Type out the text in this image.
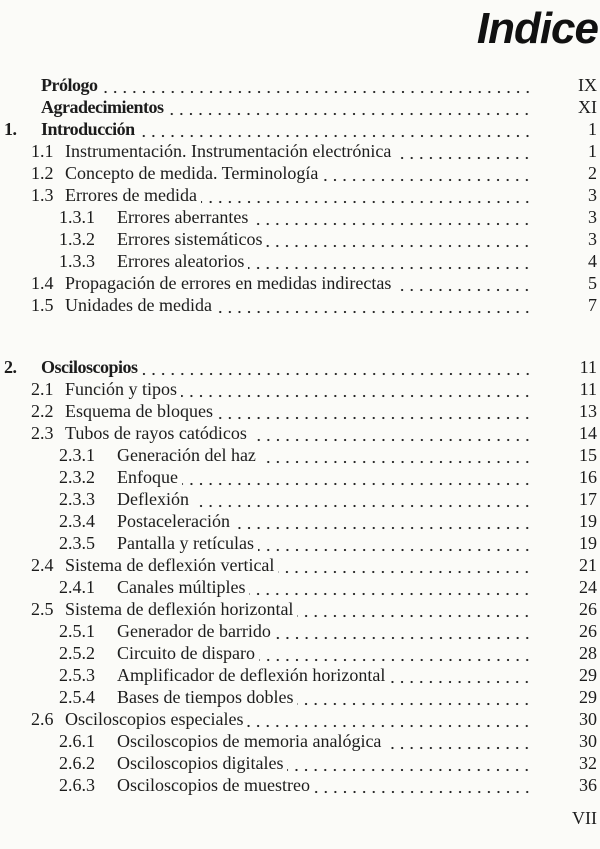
Indice
Prólogo	IX
Agradecimientos	XI
1. Introducción	1
1.1 Instrumentación. Instrumentación electrónica	1
1.2 Concepto de medida. Terminología	2
1.3 Errores de medida	3
1.3.1 Errores aberrantes	3
1.3.2 Errores sistemáticos	3
1.3.3 Errores aleatorios	4
1.4 Propagación de errores en medidas indirectas	5
1.5 Unidades de medida	7
2. Osciloscopios	11
2.1 Función y tipos	11
2.2 Esquema de bloques	13
2.3 Tubos de rayos catódicos	14
2.3.1 Generación del haz	15
2.3.2 Enfoque	16
2.3.3 Deflexión	17
2.3.4 Postaceleración	19
2.3.5 Pantalla y retículas	19
2.4 Sistema de deflexión vertical	21
2.4.1 Canales múltiples	24
2.5 Sistema de deflexión horizontal	26
2.5.1 Generador de barrido	26
2.5.2 Circuito de disparo	28
2.5.3 Amplificador de deflexión horizontal	29
2.5.4 Bases de tiempos dobles	29
2.6 Osciloscopios especiales	30
2.6.1 Osciloscopios de memoria analógica	30
2.6.2 Osciloscopios digitales	32
2.6.3 Osciloscopios de muestreo	36
VII
